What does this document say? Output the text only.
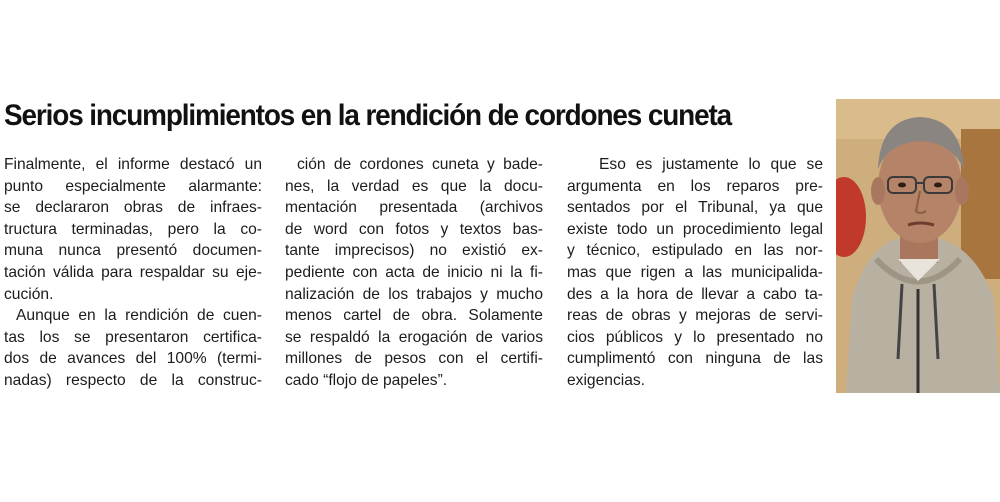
Serios incumplimientos en la rendición de cordones cuneta
Finalmente, el informe destacó un
punto especialmente alarmante:
se declararon obras de infraes-
tructura terminadas, pero la co-
muna nunca presentó documen-
tación válida para respaldar su eje-
cución.
Aunque en la rendición de cuen-
tas los se presentaron certifica-
dos de avances del 100% (termi-
nadas) respecto de la construc-
ción de cordones cuneta y bade-
nes, la verdad es que la docu-
mentación presentada (archivos
de word con fotos y textos bas-
tante imprecisos) no existió ex-
pediente con acta de inicio ni la fi-
nalización de los trabajos y mucho
menos cartel de obra. Solamente
se respaldó la erogación de varios
millones de pesos con el certifi-
cado “flojo de papeles”.
Eso es justamente lo que se
argumenta en los reparos pre-
sentados por el Tribunal, ya que
existe todo un procedimiento legal
y técnico, estipulado en las nor-
mas que rigen a las municipalida-
des a la hora de llevar a cabo ta-
reas de obras y mejoras de servi-
cios públicos y lo presentado no
cumplimentó con ninguna de las
exigencias.
